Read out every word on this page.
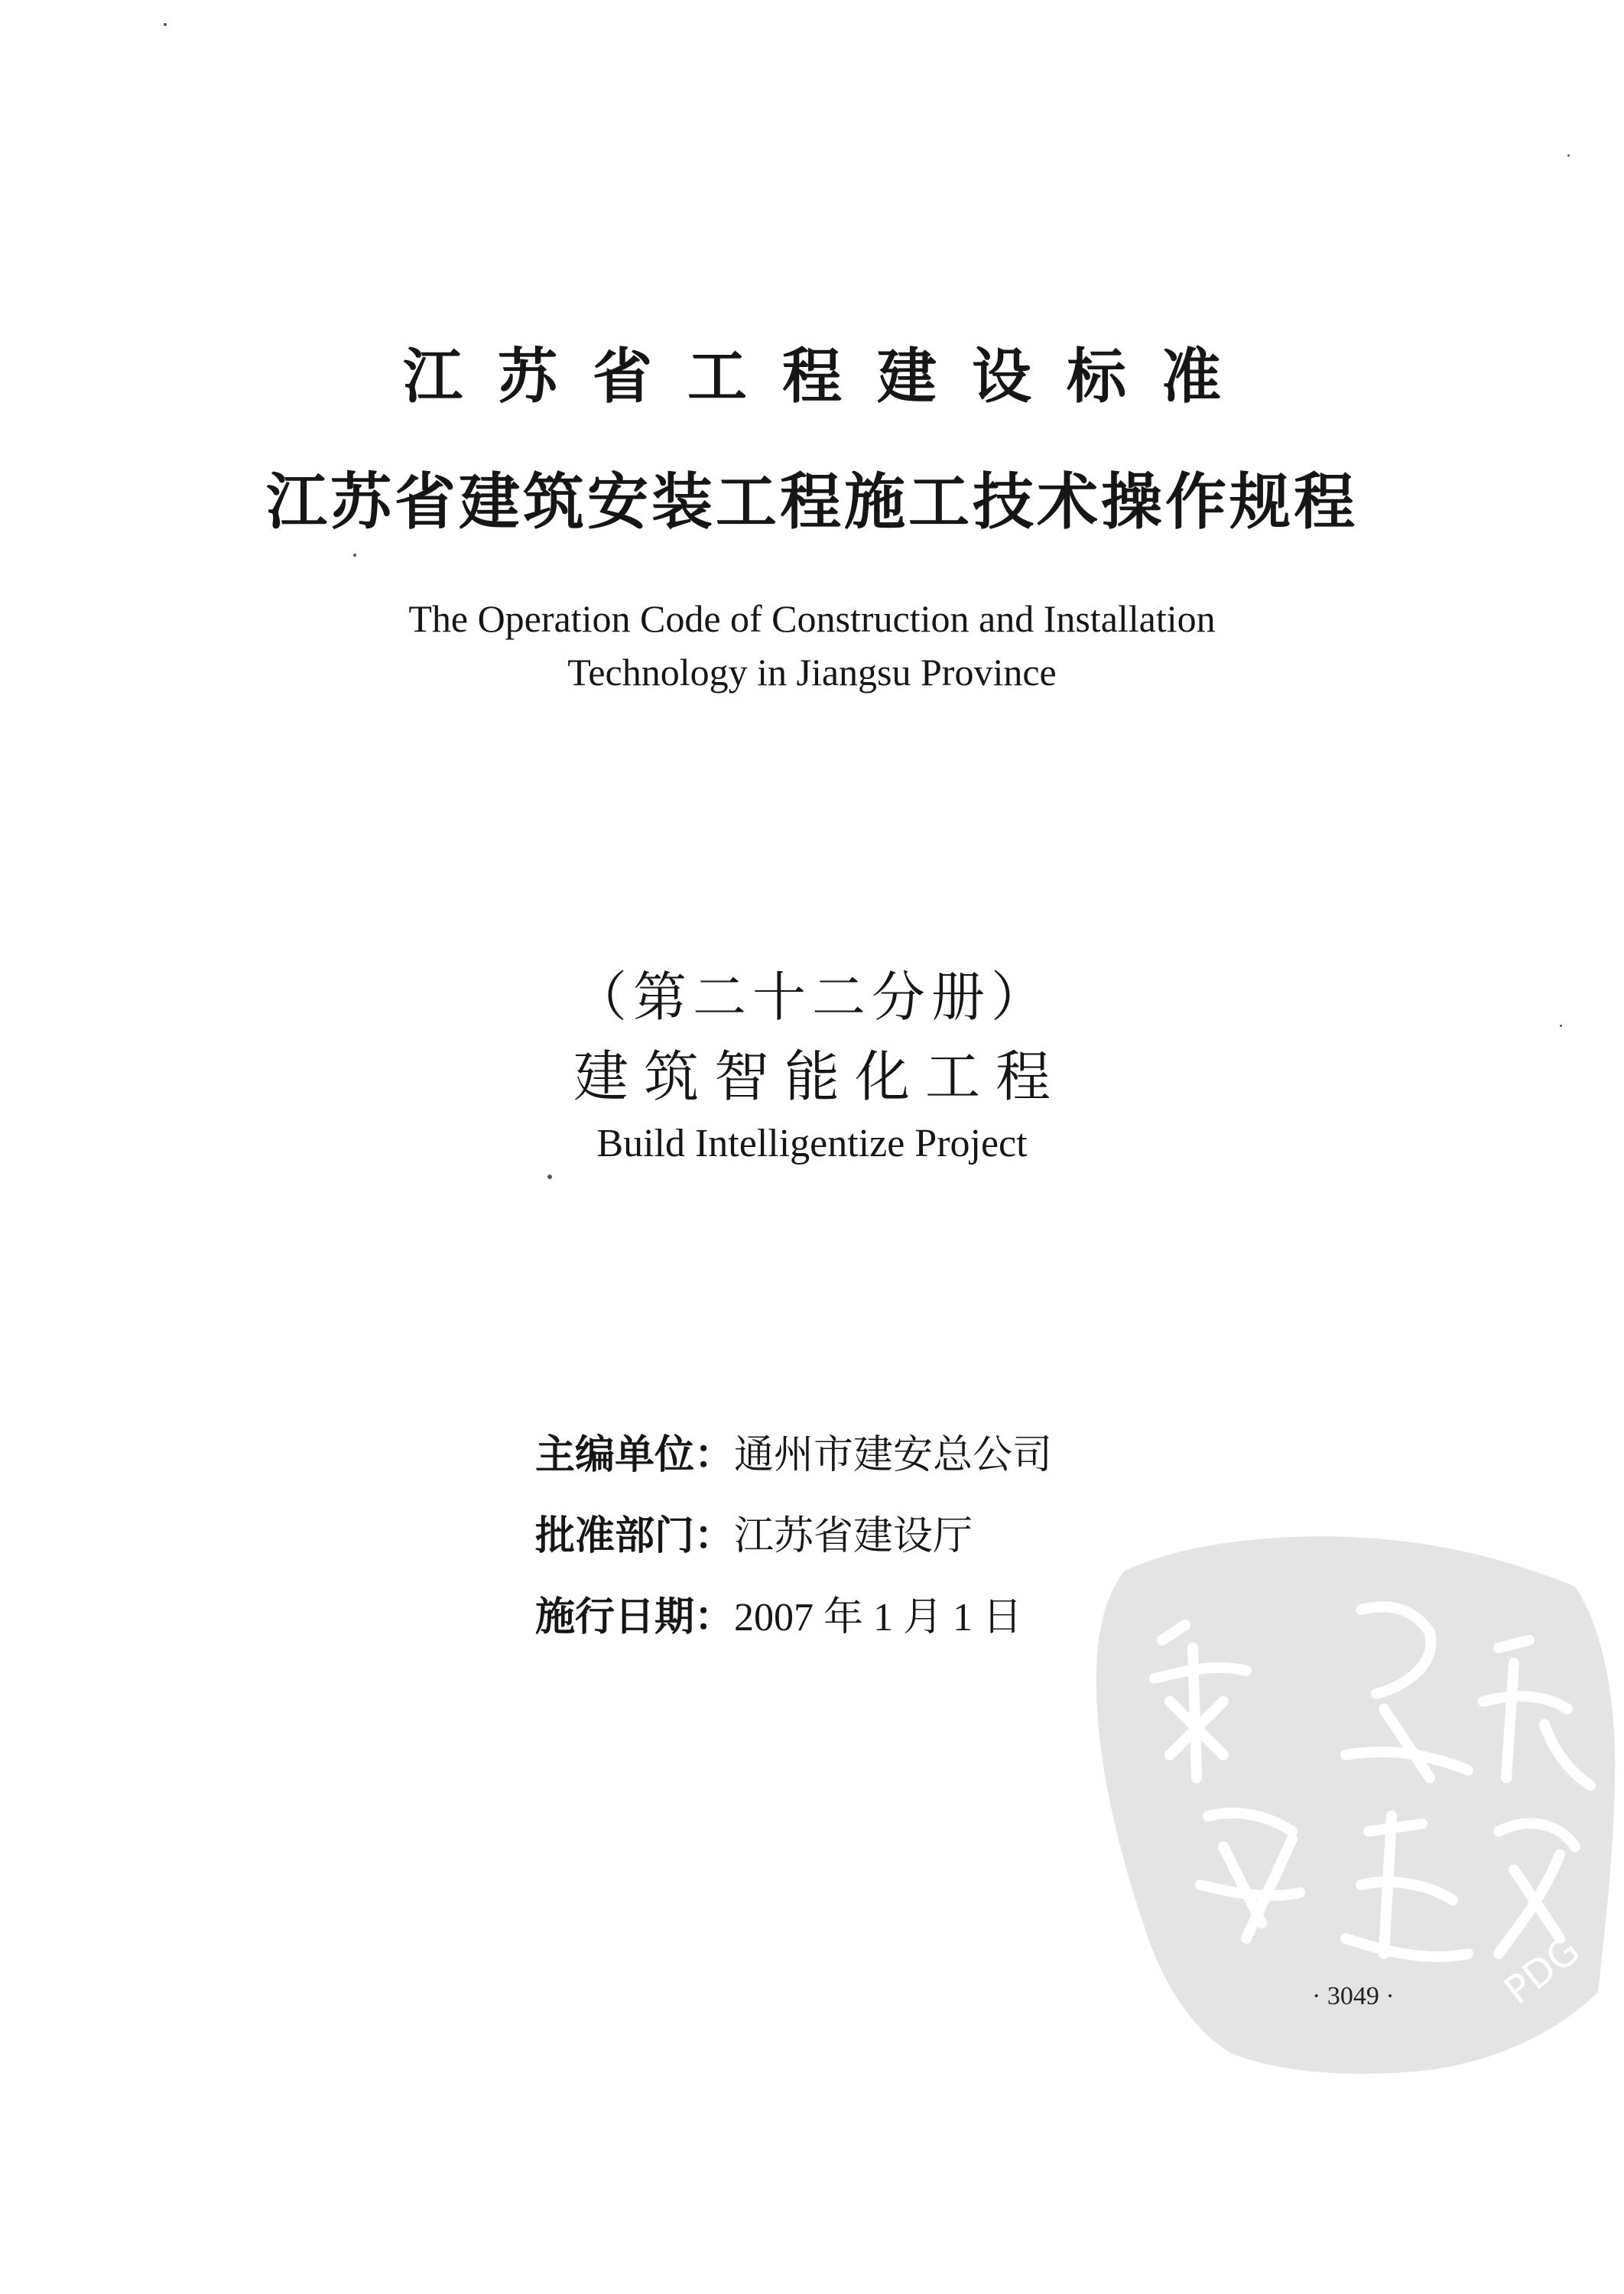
江苏省工程建设标准
江苏省建筑安装工程施工技术操作规程
The Operation Code of Construction and Installation
Technology in Jiangsu Province
（第二十二分册）
建筑智能化工程
Build Intelligentize Project
PDG
主编单位：通州市建安总公司
批准部门：江苏省建设厅
施行日期：2007 年 1 月 1 日
· 3049 ·
